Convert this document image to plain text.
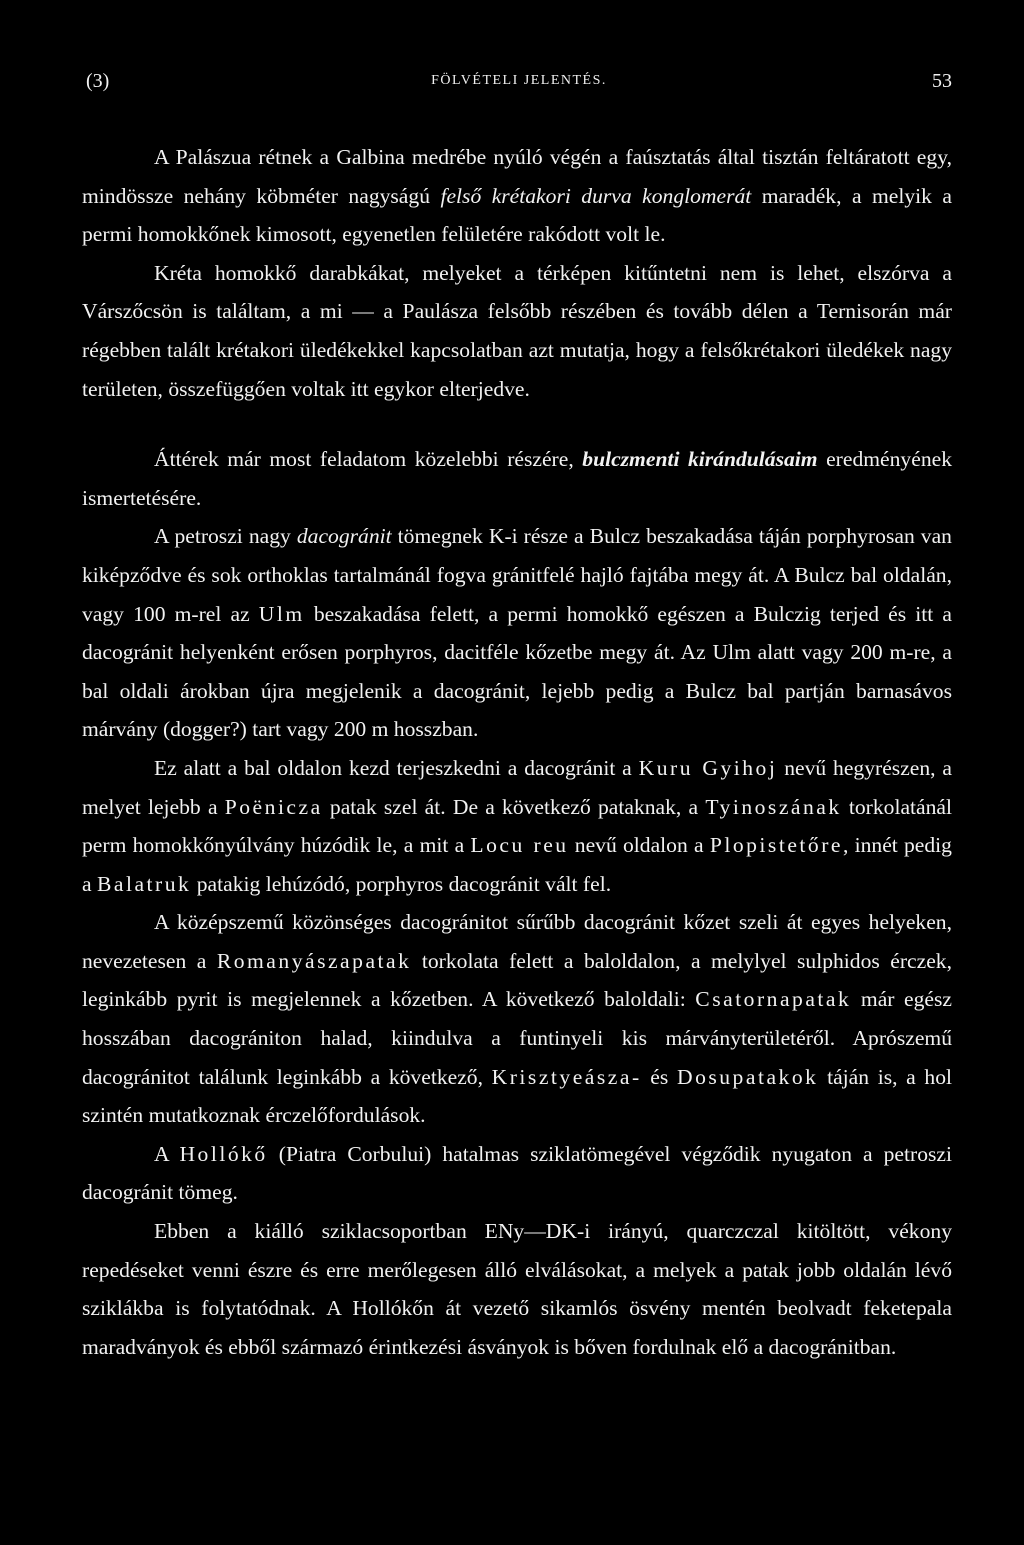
(3)	FÖLVÉTELI JELENTÉS.	53

A Palászua rétnek a Galbina medrébe nyúló végén a faúsztatás által tisztán feltáratott egy, mindössze nehány köbméter nagyságú felső krétakori durva konglomerát maradék, a melyik a permi homokkőnek kimosott, egyenetlen felületére rakódott volt le.

Kréta homokkő darabkákat, melyeket a térképen kitűntetni nem is lehet, elszórva a Várszőcsön is találtam, a mi — a Paulásza felsőbb részében és tovább délen a Ternisorán már régebben talált krétakori üledékekkel kapcsolatban azt mutatja, hogy a felsőkrétakori üledékek nagy területen, összefüggően voltak itt egykor elterjedve.

Áttérek már most feladatom közelebbi részére, bulczmenti kirándulásaim eredményének ismertetésére.

A petroszi nagy dacogránit tömegnek K-i része a Bulcz beszakadása táján porphyrosan van kiképződve és sok orthoklas tartalmánál fogva gránitfelé hajló fajtába megy át. A Bulcz bal oldalán, vagy 100 m-rel az Ulm beszakadása felett, a permi homokkő egészen a Bulczig terjed és itt a dacogránit helyenként erősen porphyros, dacitféle kőzetbe megy át. Az Ulm alatt vagy 200 m-re, a bal oldali árokban újra megjelenik a dacogránit, lejebb pedig a Bulcz bal partján barnasávos márvány (dogger?) tart vagy 200 m hosszban.

Ez alatt a bal oldalon kezd terjeszkedni a dacogránit a Kuru Gyihoj nevű hegyrészen, a melyet lejebb a Poënicza patak szel át. De a következő pataknak, a Tyinoszának torkolatánál perm homokkőnyúlvány húzódik le, a mit a Locu reu nevű oldalon a Plopistetőre, innét pedig a Balatruk patakig lehúzódó, porphyros dacogránit vált fel.

A középszemű közönséges dacogránitot sűrűbb dacogránit kőzet szeli át egyes helyeken, nevezetesen a Romanyászapatak torkolata felett a baloldalon, a melylyel sulphidos érczek, leginkább pyrit is megjelennek a kőzetben. A következő baloldali: Csatornapatak már egész hosszában dacográniton halad, kiindulva a funtinyeli kis márványterületéről. Aprószemű dacogránitot találunk leginkább a következő, Krisztyeásza- és Dosupatakok táján is, a hol szintén mutatkoznak érczelőfordulások.

A Hollókő (Piatra Corbului) hatalmas sziklatömegével végződik nyugaton a petroszi dacogránit tömeg.

Ebben a kiálló sziklacsoportban ENy—DK-i irányú, quarczczal kitöltött, vékony repedéseket venni észre és erre merőlegesen álló elválásokat, a melyek a patak jobb oldalán lévő sziklákba is folytatódnak. A Hollókőn át vezető sikamlós ösvény mentén beolvadt feketepala maradványok és ebből származó érintkezési ásványok is bőven fordulnak elő a dacogránitban.
